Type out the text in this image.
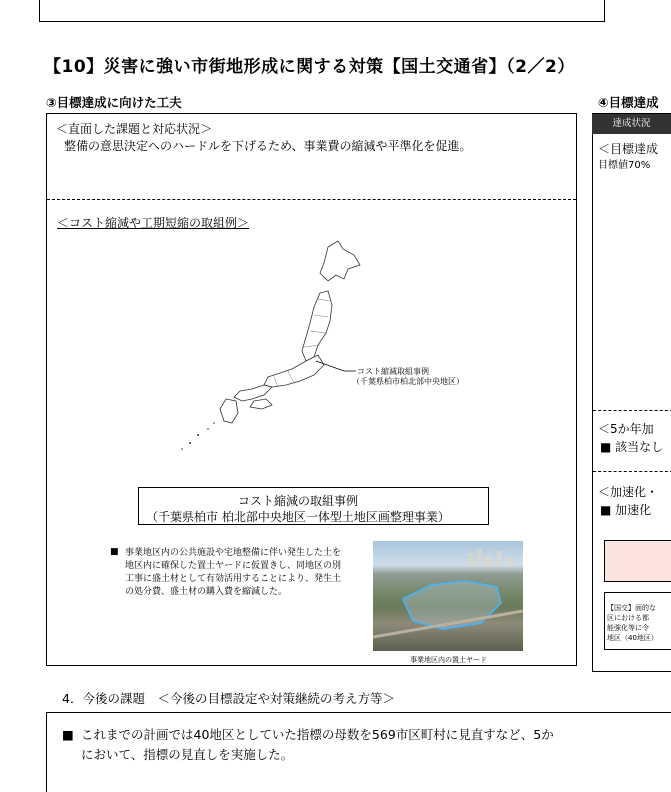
【10】災害に強い市街地形成に関する対策【国土交通省】（2／2）
③目標達成に向けた工夫	④目標達成
＜直面した課題と対応状況＞
整備の意思決定へのハードルを下げるため、事業費の縮減や平準化を促進。
＜コスト縮減や工期短縮の取組例＞
コスト縮減取組事例
（千葉県柏市柏北部中央地区）
コスト縮減の取組事例
（千葉県柏市 柏北部中央地区一体型土地区画整理事業）
■ 事業地区内の公共施設や宅地整備に伴い発生した土を地区内に確保した置土ヤードに仮置きし、同地区の別工事に盛土材として有効活用することにより、発生土の処分費、盛土材の購入費を縮減した。
事業地区内の置土ヤード
達成状況
＜目標達成
目標値70%
＜5か年加
■ 該当なし
＜加速化・
■ 加速化
【国交】面的な
区における都
能強化等に令
地区（40地区）
4．今後の課題　＜今後の目標設定や対策継続の考え方等＞
■ これまでの計画では40地区としていた指標の母数を569市区町村に見直すなど、5か
において、指標の見直しを実施した。
